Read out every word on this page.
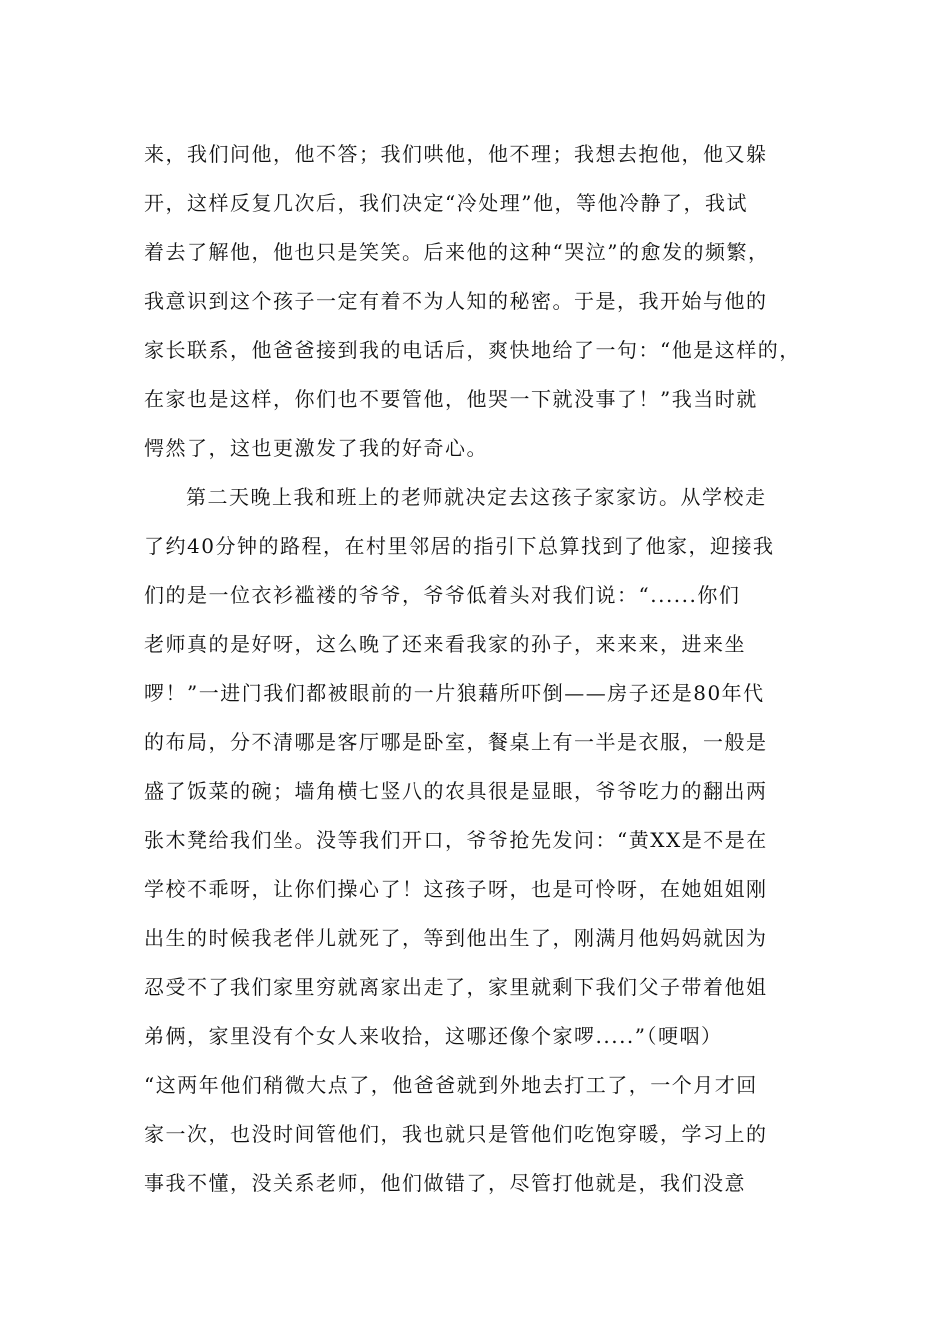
来，我们问他，他不答；我们哄他，他不理；我想去抱他，他又躲
开，这样反复几次后，我们决定“冷处理”他，等他冷静了，我试
着去了解他，他也只是笑笑。后来他的这种“哭泣”的愈发的频繁，
我意识到这个孩子一定有着不为人知的秘密。于是，我开始与他的
家长联系，他爸爸接到我的电话后，爽快地给了一句：“他是这样的，
在家也是这样，你们也不要管他，他哭一下就没事了！”我当时就
愕然了，这也更激发了我的好奇心。
第二天晚上我和班上的老师就决定去这孩子家家访。从学校走
了约40分钟的路程，在村里邻居的指引下总算找到了他家，迎接我
们的是一位衣衫褴褛的爷爷，爷爷低着头对我们说：“......你们
老师真的是好呀，这么晚了还来看我家的孙子，来来来，进来坐
啰！”一进门我们都被眼前的一片狼藉所吓倒——房子还是80年代
的布局，分不清哪是客厅哪是卧室，餐桌上有一半是衣服，一般是
盛了饭菜的碗；墙角横七竖八的农具很是显眼，爷爷吃力的翻出两
张木凳给我们坐。没等我们开口，爷爷抢先发问：“黄XX是不是在
学校不乖呀，让你们操心了！这孩子呀，也是可怜呀，在她姐姐刚
出生的时候我老伴儿就死了，等到他出生了，刚满月他妈妈就因为
忍受不了我们家里穷就离家出走了，家里就剩下我们父子带着他姐
弟俩，家里没有个女人来收拾，这哪还像个家啰.....”（哽咽）
“这两年他们稍微大点了，他爸爸就到外地去打工了，一个月才回
家一次，也没时间管他们，我也就只是管他们吃饱穿暖，学习上的
事我不懂，没关系老师，他们做错了，尽管打他就是，我们没意
